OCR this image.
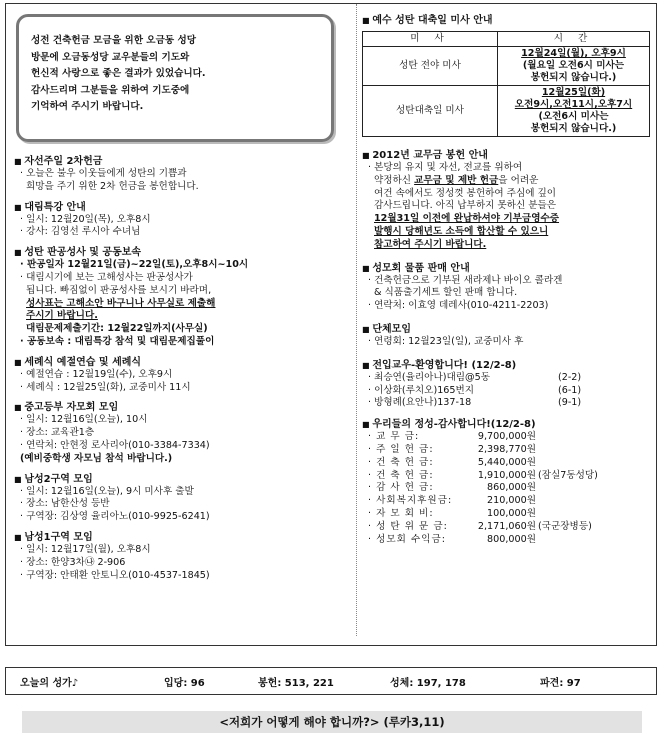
성전 건축헌금 모금을 위한 오금동 성당
방문에 오금동성당 교우분들의 기도와
헌신적 사랑으로 좋은 결과가 있었습니다.
감사드리며 그분들을 위하여 기도중에
기억하여 주시기 바랍니다.
■ 자선주일 2차헌금
· 오늘은 불우 이웃들에게 성탄의 기쁨과
희망을 주기 위한 2차 헌금을 봉헌합니다.
■ 대림특강 안내
· 일시: 12월20일(목), 오후8시
· 강사: 김영선 루시아 수녀님
■ 성탄 판공성사 및 공동보속
· 판공일자 12월21일(금)~22일(토),오후8시~10시
· 대림시기에 보는 고해성사는 판공성사가
됩니다. 빠짐없이 판공성사를 보시기 바라며,
성사표는 고해소안 바구니나 사무실로 제출해
주시기 바랍니다.
대림문제제출기간: 12월22일까지(사무실)
· 공동보속 : 대림특강 참석 및 대림문제집풀이
■ 세례식 예절연습 및 세례식
· 예절연습 : 12월19일(수), 오후9시
· 세례식 : 12월25일(화), 교중미사 11시
■ 중고등부 자모회 모임
· 일시: 12월16일(오늘), 10시
· 장소: 교육관1층
· 연락처: 안현정 로사리아(010-3384-7334)
(예비중학생 자모님 참석 바랍니다.)
■ 남성2구역 모임
· 일시: 12월16일(오늘), 9시 미사후 출발
· 장소: 남한산성 등반
· 구역장: 김상영 율리아노(010-9925-6241)
■ 남성1구역 모임
· 일시: 12월17일(월), 오후8시
· 장소: 한양3차㉯ 2-906
· 구역장: 안태환 안토니오(010-4537-1845)
■ 예수 성탄 대축일 미사 안내
미 사	시 간
성탄 전야 미사	12월24일(월), 오후9시
(월요일 오전6시 미사는
봉헌되지 않습니다.)

성탄대축일 미사	12월25일(화)
오전9시,오전11시,오후7시
(오전6시 미사는
봉헌되지 않습니다.)
■ 2012년 교무금 봉헌 안내
· 본당의 유지 및 자선, 전교를 위하여
약정하신 교무금 및 제반 헌금을 어려운
여건 속에서도 정성껏 봉헌하여 주심에 깊이
감사드립니다. 아직 납부하지 못하신 분들은
12월31일 이전에 완납하셔야 기부금영수증
발행시 당해년도 소득에 합산할 수 있으니
참고하여 주시기 바랍니다.
■ 성모회 물품 판매 안내
· 건축헌금으로 기부된 새라제나 바이오 콜라겐
& 식품출기세트 할인 판매 합니다.
· 연락처: 이효영 데레사(010-4211-2203)
■ 단체모임
· 연령회: 12월23일(일), 교중미사 후
■ 전입교우-환영합니다! (12/2-8)
· 최승연(율리아나)대림@5동	(2-2)
· 이상화(루치오)165번지	(6-1)
· 방형례(요안나)137-18	(9-1)
■ 우리들의 정성-감사합니다!(12/2-8)
· 교 무 금:	9,700,000원
· 주 일 헌 금:	2,398,770원
· 건 축 헌 금:	5,440,000원
· 건 축 헌 금:	1,910,000원 (잠실7동성당)
· 감 사 헌 금:	860,000원
· 사회복지후원금:	210,000원
· 자 모 회 비:	100,000원
· 성 탄 위 문 금:	2,171,060원 (국군장병등)
· 성모회 수익금:	800,000원
오늘의 성가♪	입당: 96	봉헌: 513, 221	성체: 197, 178	파견: 97
<저희가 어떻게 해야 합니까?> (루카3,11)
